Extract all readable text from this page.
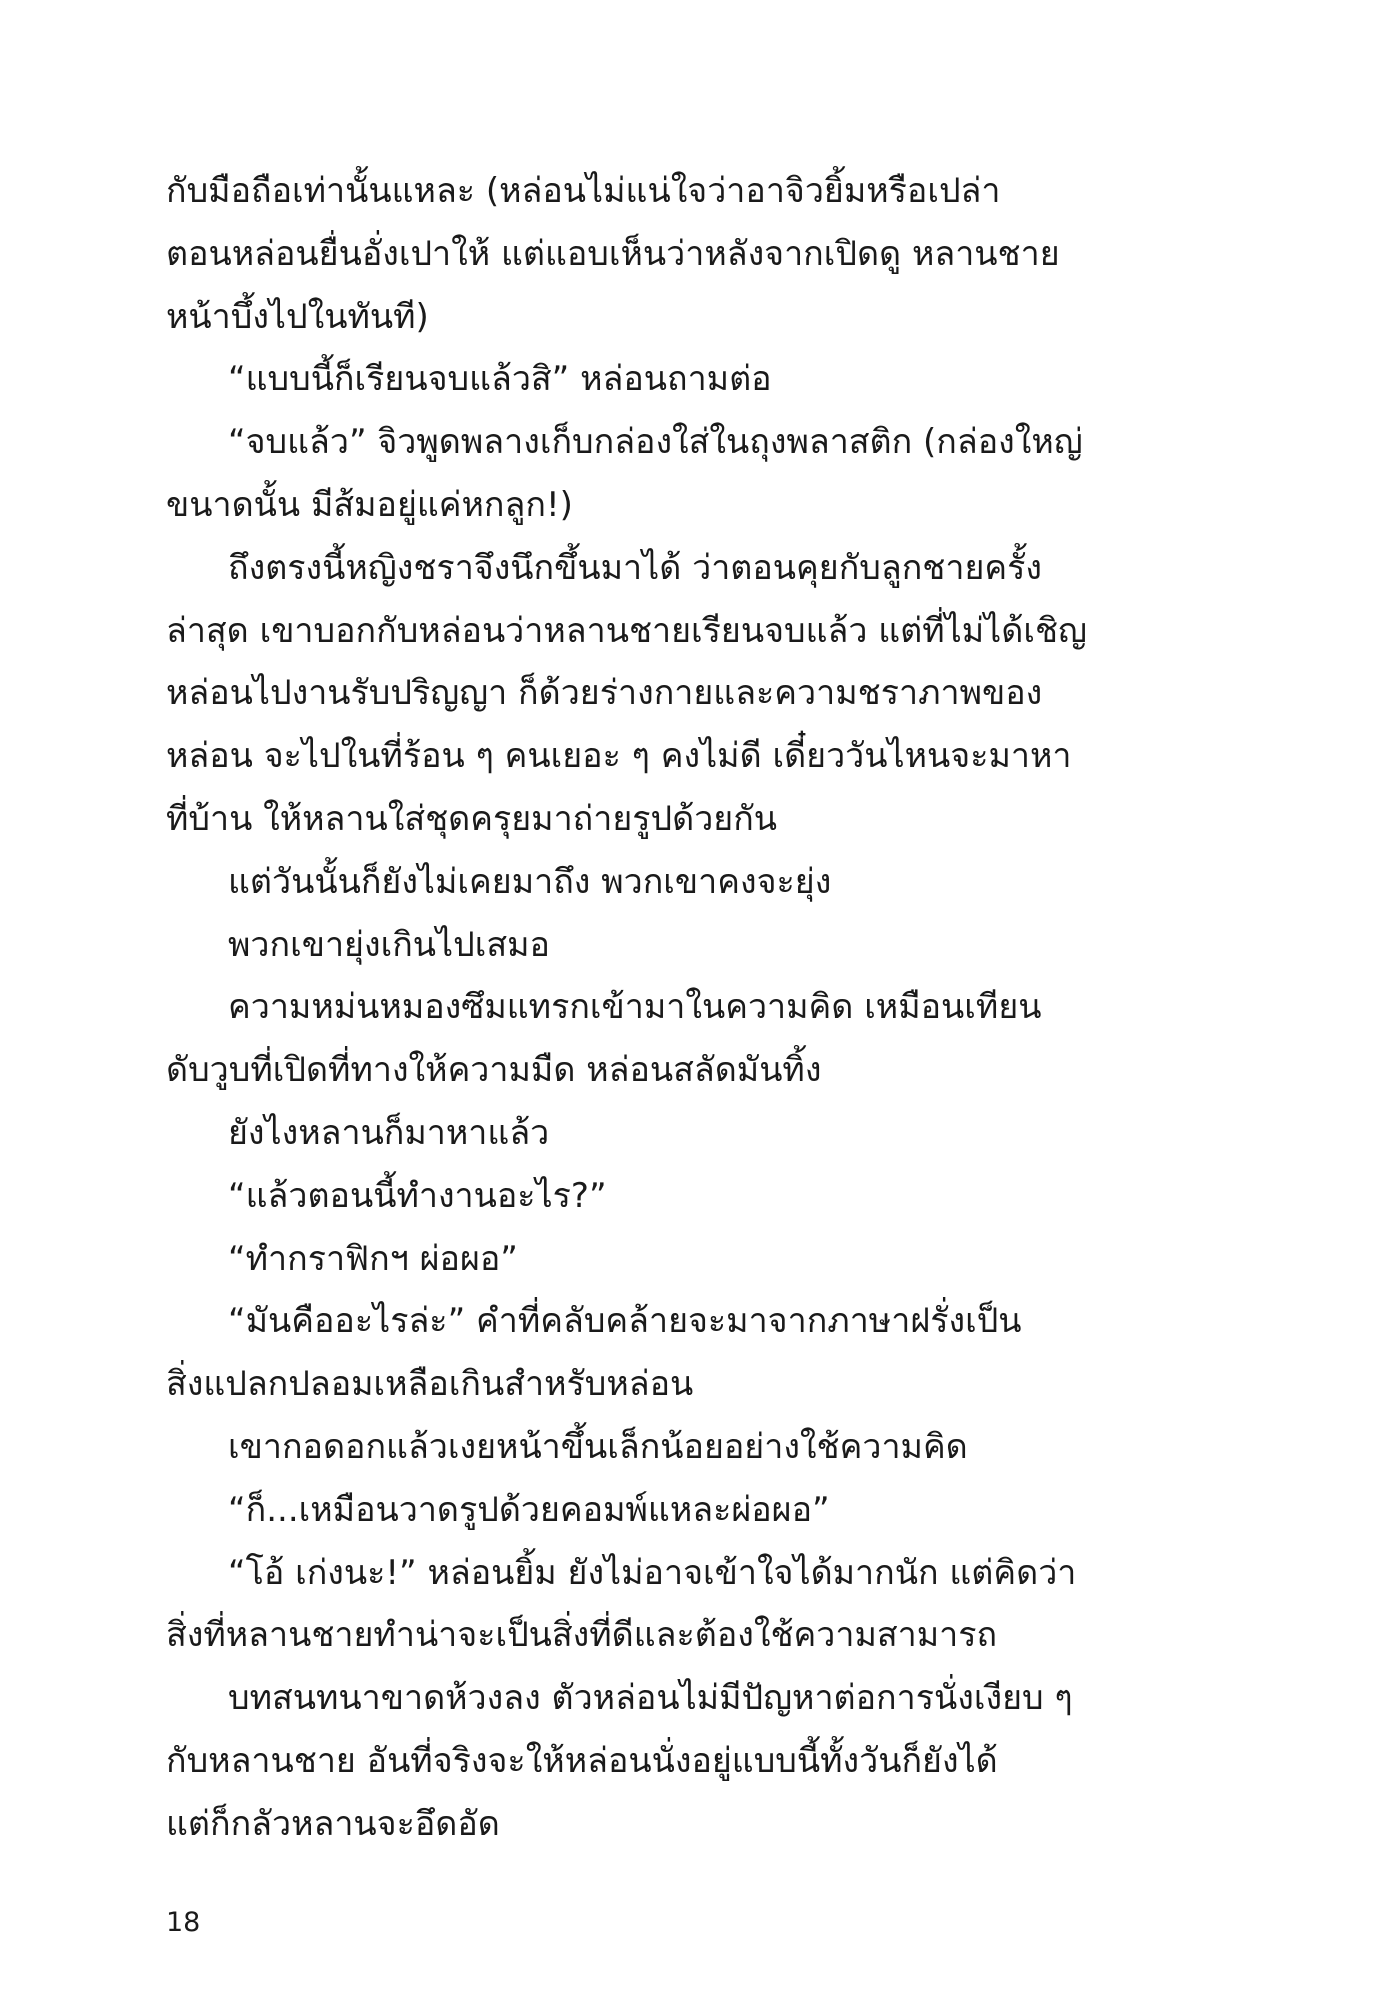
กับมือถือเท่านั้นแหละ (หล่อนไม่แน่ใจว่าอาจิวยิ้มหรือเปล่า
ตอนหล่อนยื่นอั่งเปาให้ แต่แอบเห็นว่าหลังจากเปิดดู หลานชาย
หน้าบึ้งไปในทันที)
“แบบนี้ก็เรียนจบแล้วสิ” หล่อนถามต่อ
“จบแล้ว” จิวพูดพลางเก็บกล่องใส่ในถุงพลาสติก (กล่องใหญ่
ขนาดนั้น มีส้มอยู่แค่หกลูก!)
ถึงตรงนี้หญิงชราจึงนึกขึ้นมาได้ ว่าตอนคุยกับลูกชายครั้ง
ล่าสุด เขาบอกกับหล่อนว่าหลานชายเรียนจบแล้ว แต่ที่ไม่ได้เชิญ
หล่อนไปงานรับปริญญา ก็ด้วยร่างกายและความชราภาพของ
หล่อน จะไปในที่ร้อน ๆ คนเยอะ ๆ คงไม่ดี เดี๋ยววันไหนจะมาหา
ที่บ้าน ให้หลานใส่ชุดครุยมาถ่ายรูปด้วยกัน
แต่วันนั้นก็ยังไม่เคยมาถึง พวกเขาคงจะยุ่ง
พวกเขายุ่งเกินไปเสมอ
ความหม่นหมองซึมแทรกเข้ามาในความคิด เหมือนเทียน
ดับวูบที่เปิดที่ทางให้ความมืด หล่อนสลัดมันทิ้ง
ยังไงหลานก็มาหาแล้ว
“แล้วตอนนี้ทำงานอะไร?”
“ทำกราฟิกฯ ผ่อผอ”
“มันคืออะไรล่ะ” คำที่คลับคล้ายจะมาจากภาษาฝรั่งเป็น
สิ่งแปลกปลอมเหลือเกินสำหรับหล่อน
เขากอดอกแล้วเงยหน้าขึ้นเล็กน้อยอย่างใช้ความคิด
“ก็...เหมือนวาดรูปด้วยคอมพ์แหละผ่อผอ”
“โอ้ เก่งนะ!” หล่อนยิ้ม ยังไม่อาจเข้าใจได้มากนัก แต่คิดว่า
สิ่งที่หลานชายทำน่าจะเป็นสิ่งที่ดีและต้องใช้ความสามารถ
บทสนทนาขาดห้วงลง ตัวหล่อนไม่มีปัญหาต่อการนั่งเงียบ ๆ
กับหลานชาย อันที่จริงจะให้หล่อนนั่งอยู่แบบนี้ทั้งวันก็ยังได้
แต่ก็กลัวหลานจะอึดอัด
18
